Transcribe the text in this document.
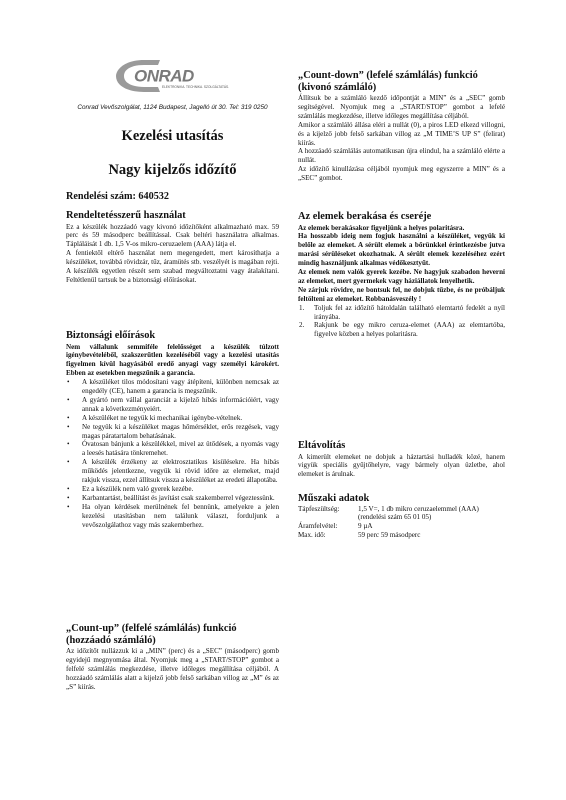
ONRAD
ELEKTRONIKA. TECHNIKA. SZOLGÁLTATÁS.

Conrad Vevőszolgálat, 1124 Budapest, Jagelló út 30. Tel: 319 0250

Kezelési utasítás

Nagy kijelzős időzítő

Rendelési szám: 640532

Rendeltetésszerű használat

Ez a készülék hozzáadó vagy kivonó időzítőként alkalmazható max. 59 perc és 59 másodperc beállítással. Csak beltéri használatra alkalmas. Tápláláisát 1 db. 1,5 V-os mikro-ceruzaelem (AAA) látja el.
A fentiektől eltérő használat nem megengedett, mert károsíthatja a készüléket, továbbá rövidzár, tűz, áramütés stb. veszélyét is magában rejti. A készülék egyetlen részét sem szabad megváltoztatni vagy átalakítani. Feltétlenül tartsuk be a biztonsági előírásokat.

Biztonsági előírások

Nem vállalunk semmiféle felelősséget a készülék túlzott igénybevételéből, szakszerűtlen kezeléséből vagy a kezelési utasítás figyelmen kívül hagyásából eredő anyagi vagy személyi károkért. Ebben az esetekben megszűnik a garancia.

• A készüléket tilos módosítani vagy átépíteni, különben nemcsak az engedély (CE), hanem a garancia is megszűnik.
• A gyártó nem vállal garanciát a kijelző hibás információiért, vagy annak a következményeiért.
• A készüléket ne tegyük ki mechanikai igénybe-vételnek.
• Ne tegyük ki a készüléket magas hőmérséklet, erős rezgések, vagy magas páratartalom behatásának.
• Óvatosan bánjunk a készülékkel, mivel az ütődések, a nyomás vagy a leesés hatására tönkremehet.
• A készülék érzékeny az elektrosztatikus kisülésekre. Ha hibás működés jelentkezne, vegyük ki rövid időre az elemeket, majd rakjuk vissza, ezzel állítsuk vissza a készüléket az eredeti állapotába.
• Ez a készülék nem való gyerek kezébe.
• Karbantartást, beállítást és javítást csak szakemberrel végeztessünk.
• Ha olyan kérdések merülnének fel bennünk, amelyekre a jelen kezelési utasításban nem találunk választ, forduljunk a vevőszolgálathoz vagy más szakemberhez.
„Count-up” (felfelé számlálás) funkció (hozzáadó számláló)

Az időzítőt nullázzuk ki a „MIN” (perc) és a „SEC” (másodperc) gomb egyidejű megnyomása által. Nyomjuk meg a „START/STOP” gombot a felfelé számlálás megkezdése, illetve időleges megállítása céljából. A hozzáadó számlálás alatt a kijelző jobb felső sarkában villog az „M” és az „S” kiírás.

„Count-down” (lefelé számlálás) funkció (kivonó számláló)

Állítsuk be a számláló kezdő időpontját a MIN” és a „SEC” gomb segítségével. Nyomjuk meg a „START/STOP” gombot a lefelé számlálás megkezdése, illetve időleges megállítása céljából.
Amikor a számláló állása eléri a nullát (0), a piros LED elkezd villogni, és a kijelző jobb felső sarkában villog az „M TIME’S UP S” (felirat) kiírás.
A hozzáadó számlálás automatikusan újra elindul, ha a számláló elérte a nullát.
Az időzítő kinullázása céljából nyomjuk meg egyszerre a MIN” és a „SEC” gombot.

Az elemek berakása és cseréje

Az elemek berakásakor figyeljünk a helyes polaritásra.
Ha hosszabb ideig nem fogjuk használni a készüléket, vegyük ki belőle az elemeket. A sérült elemek a bőrünkkel érintkezésbe jutva marási sérüléseket okozhatnak. A sérült elemek kezeléséhez ezért mindig használjunk alkalmas védőkesztyűt.
Az elemek nem valók gyerek kezébe. Ne hagyjuk szabadon heverni az elemeket, mert gyermekek vagy háziállatok lenyelhetik.
Ne zárjuk rövidre, ne bontsuk fel, ne dobjuk tűzbe, és ne próbáljuk feltölteni az elemeket. Robbanásveszély !

1. Toljuk fel az időzítő hátoldalán található elemtartó fedelét a nyíl irányába.
2. Rakjunk be egy mikro ceruza-elemet (AAA) az elemtartóba, figyelve közben a helyes polaritásra.
Eltávolítás

A kimerült elemeket ne dobjuk a háztartási hulladék közé, hanem vigyük speciális gyűjtőhelyre, vagy bármely olyan üzletbe, ahol elemeket is árulnak.

Műszaki adatok
Tápfeszültség:	1,5 V=, 1 db mikro ceruzaelemmel (AAA) (rendelési szám 65 01 05)
Áramfelvétel:	9 µA
Max. idő:	59 perc 59 másodperc
